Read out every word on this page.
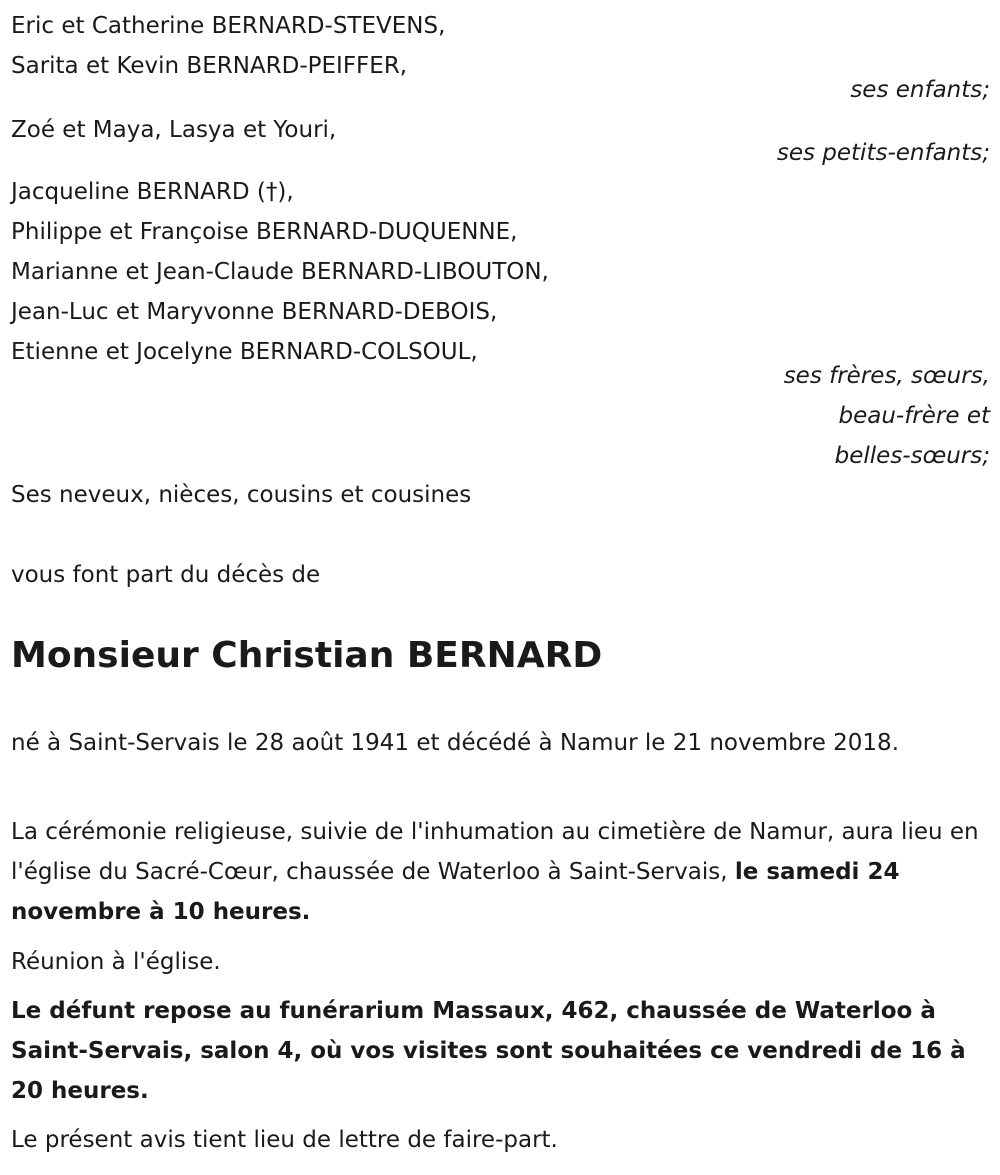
Eric et Catherine BERNARD-STEVENS,
Sarita et Kevin BERNARD-PEIFFER,
ses enfants;
Zoé et Maya, Lasya et Youri,
ses petits-enfants;
Jacqueline BERNARD (†),
Philippe et Françoise BERNARD-DUQUENNE,
Marianne et Jean-Claude BERNARD-LIBOUTON,
Jean-Luc et Maryvonne BERNARD-DEBOIS,
Etienne et Jocelyne BERNARD-COLSOUL,
ses frères, sœurs,
beau-frère et
belles-sœurs;
Ses neveux, nièces, cousins et cousines
vous font part du décès de
Monsieur Christian BERNARD
né à Saint-Servais le 28 août 1941 et décédé à Namur le 21 novembre 2018.
La cérémonie religieuse, suivie de l'inhumation au cimetière de Namur, aura lieu en l'église du Sacré-Cœur, chaussée de Waterloo à Saint-Servais, le samedi 24 novembre à 10 heures.
Réunion à l'église.
Le défunt repose au funérarium Massaux, 462, chaussée de Waterloo à Saint-Servais, salon 4, où vos visites sont souhaitées ce vendredi de 16 à 20 heures.
Le présent avis tient lieu de lettre de faire-part.
